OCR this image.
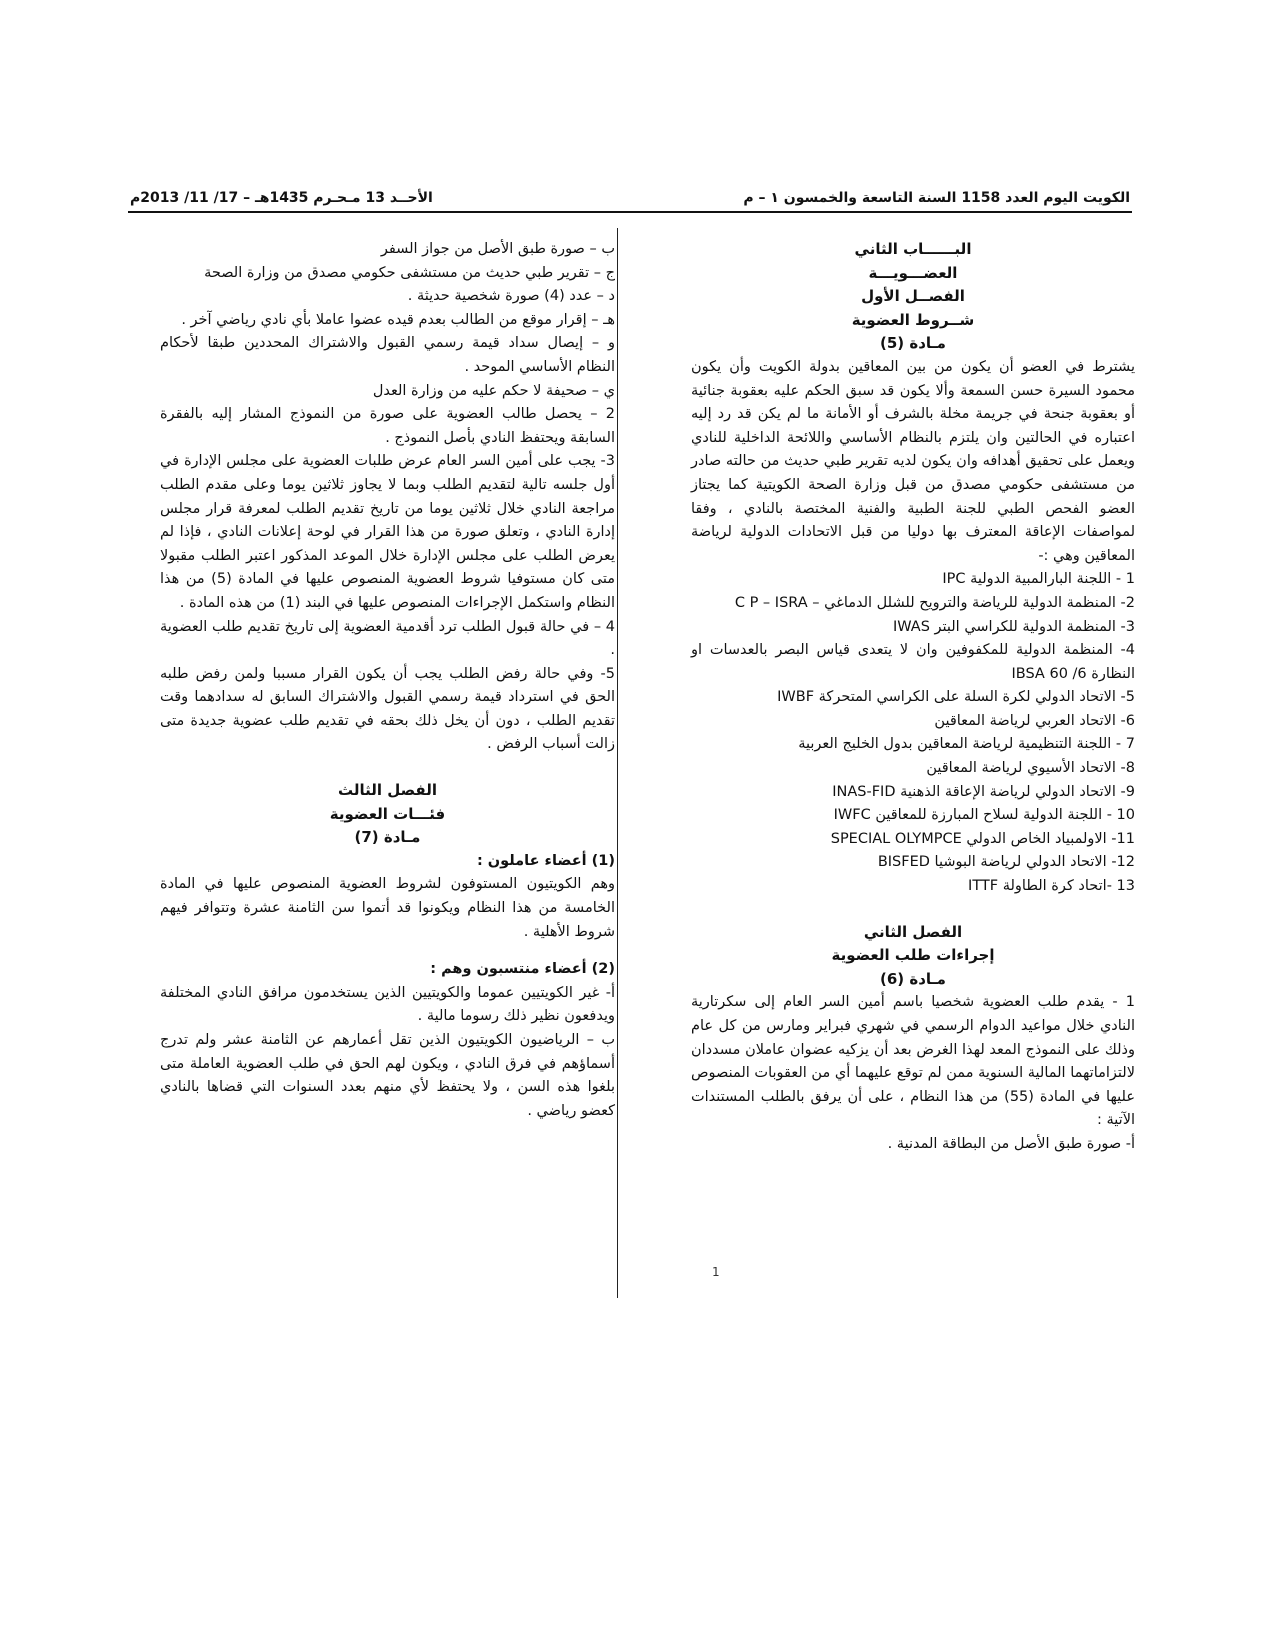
الكويت اليوم العدد 1158 السنة التاسعة والخمسون ١ – م
الأحــد 13 مـحـرم 1435هـ – 17/ 11/ 2013م

البــــــاب الثاني

العضـــويـــة

الفصــل الأول

شــروط العضوية

مـادة (5)

يشترط في العضو أن يكون من بين المعاقين بدولة الكويت وأن يكون محمود السيرة حسن السمعة وألا يكون قد سبق الحكم عليه بعقوبة جنائية أو بعقوبة جنحة في جريمة مخلة بالشرف أو الأمانة ما لم يكن قد رد إليه اعتباره في الحالتين وان يلتزم بالنظام الأساسي واللائحة الداخلية للنادي ويعمل على تحقيق أهدافه وان يكون لديه تقرير طبي حديث من حالته صادر من مستشفى حكومي مصدق من قبل وزارة الصحة الكويتية كما يجتاز العضو الفحص الطبي للجنة الطبية والفنية المختصة بالنادي ، وفقا لمواصفات الإعاقة المعترف بها دوليا من قبل الاتحادات الدولية لرياضة المعاقين وهي :-

1 - اللجنة البارالمبية الدولية IPC

2- المنظمة الدولية للرياضة والترويح للشلل الدماغي – C P – ISRA

3- المنظمة الدولية للكراسي البتر IWAS

4- المنظمة الدولية للمكفوفين وان لا يتعدى قياس البصر بالعدسات او النظارة 6/ 60 IBSA

5- الاتحاد الدولي لكرة السلة على الكراسي المتحركة IWBF

6- الاتحاد العربي لرياضة المعاقين

7 - اللجنة التنظيمية لرياضة المعاقين بدول الخليج العربية

8- الاتحاد الأسيوي لرياضة المعاقين

9- الاتحاد الدولي لرياضة الإعاقة الذهنية INAS-FID

10 - اللجنة الدولية لسلاح المبارزة للمعاقين IWFC

11- الاولمبياد الخاص الدولي SPECIAL OLYMPCE

12- الاتحاد الدولي لرياضة البوشيا BISFED

13 -اتحاد كرة الطاولة ITTF

الفصل الثاني

إجراءات طلب العضوية

مـادة (6)

1 - يقدم طلب العضوية شخصيا باسم أمين السر العام إلى سكرتارية النادي خلال مواعيد الدوام الرسمي في شهري فبراير ومارس من كل عام وذلك على النموذج المعد لهذا الغرض بعد أن يزكيه عضوان عاملان مسددان لالتزاماتهما المالية السنوية ممن لم توقع عليهما أي من العقوبات المنصوص عليها في المادة (55) من هذا النظام ، على أن يرفق بالطلب المستندات الآتية :

أ- صورة طبق الأصل من البطاقة المدنية .

ب – صورة طبق الأصل من جواز السفر

ج – تقرير طبي حديث من مستشفى حكومي مصدق من وزارة الصحة

د – عدد (4) صورة شخصية حديثة .

هـ – إقرار موقع من الطالب بعدم قيده عضوا عاملا بأي نادي رياضي آخر .

و – إيصال سداد قيمة رسمي القبول والاشتراك المحددين طبقا لأحكام النظام الأساسي الموحد .

ي – صحيفة لا حكم عليه من وزارة العدل

2 – يحصل طالب العضوية على صورة من النموذج المشار إليه بالفقرة السابقة ويحتفظ النادي بأصل النموذج .

3- يجب على أمين السر العام عرض طلبات العضوية على مجلس الإدارة في أول جلسه تالية لتقديم الطلب وبما لا يجاوز ثلاثين يوما وعلى مقدم الطلب مراجعة النادي خلال ثلاثين يوما من تاريخ تقديم الطلب لمعرفة قرار مجلس إدارة النادي ، وتعلق صورة من هذا القرار في لوحة إعلانات النادي ، فإذا لم يعرض الطلب على مجلس الإدارة خلال الموعد المذكور اعتبر الطلب مقبولا متى كان مستوفيا شروط العضوية المنصوص عليها في المادة (5) من هذا النظام واستكمل الإجراءات المنصوص عليها في البند (1) من هذه المادة .

4 – في حالة قبول الطلب ترد أقدمية العضوية إلى تاريخ تقديم طلب العضوية .

5- وفي حالة رفض الطلب يجب أن يكون القرار مسببا ولمن رفض طلبه الحق في استرداد قيمة رسمي القبول والاشتراك السابق له سدادهما وقت تقديم الطلب ، دون أن يخل ذلك بحقه في تقديم طلب عضوية جديدة متى زالت أسباب الرفض .

الفصل الثالث

فئـــات العضوية

مـادة (7)

(1) أعضاء عاملون :

وهم الكويتيون المستوفون لشروط العضوية المنصوص عليها في المادة الخامسة من هذا النظام ويكونوا قد أتموا سن الثامنة عشرة وتتوافر فيهم شروط الأهلية .

(2) أعضاء منتسبون وهم :

أ- غير الكويتيين عموما والكويتيين الذين يستخدمون مرافق النادي المختلفة ويدفعون نظير ذلك رسوما مالية .

ب – الرياضيون الكويتيون الذين تقل أعمارهم عن الثامنة عشر ولم تدرج أسماؤهم في فرق النادي ، ويكون لهم الحق في طلب العضوية العاملة متى بلغوا هذه السن ، ولا يحتفظ لأي منهم بعدد السنوات التي قضاها بالنادي كعضو رياضي .

1
